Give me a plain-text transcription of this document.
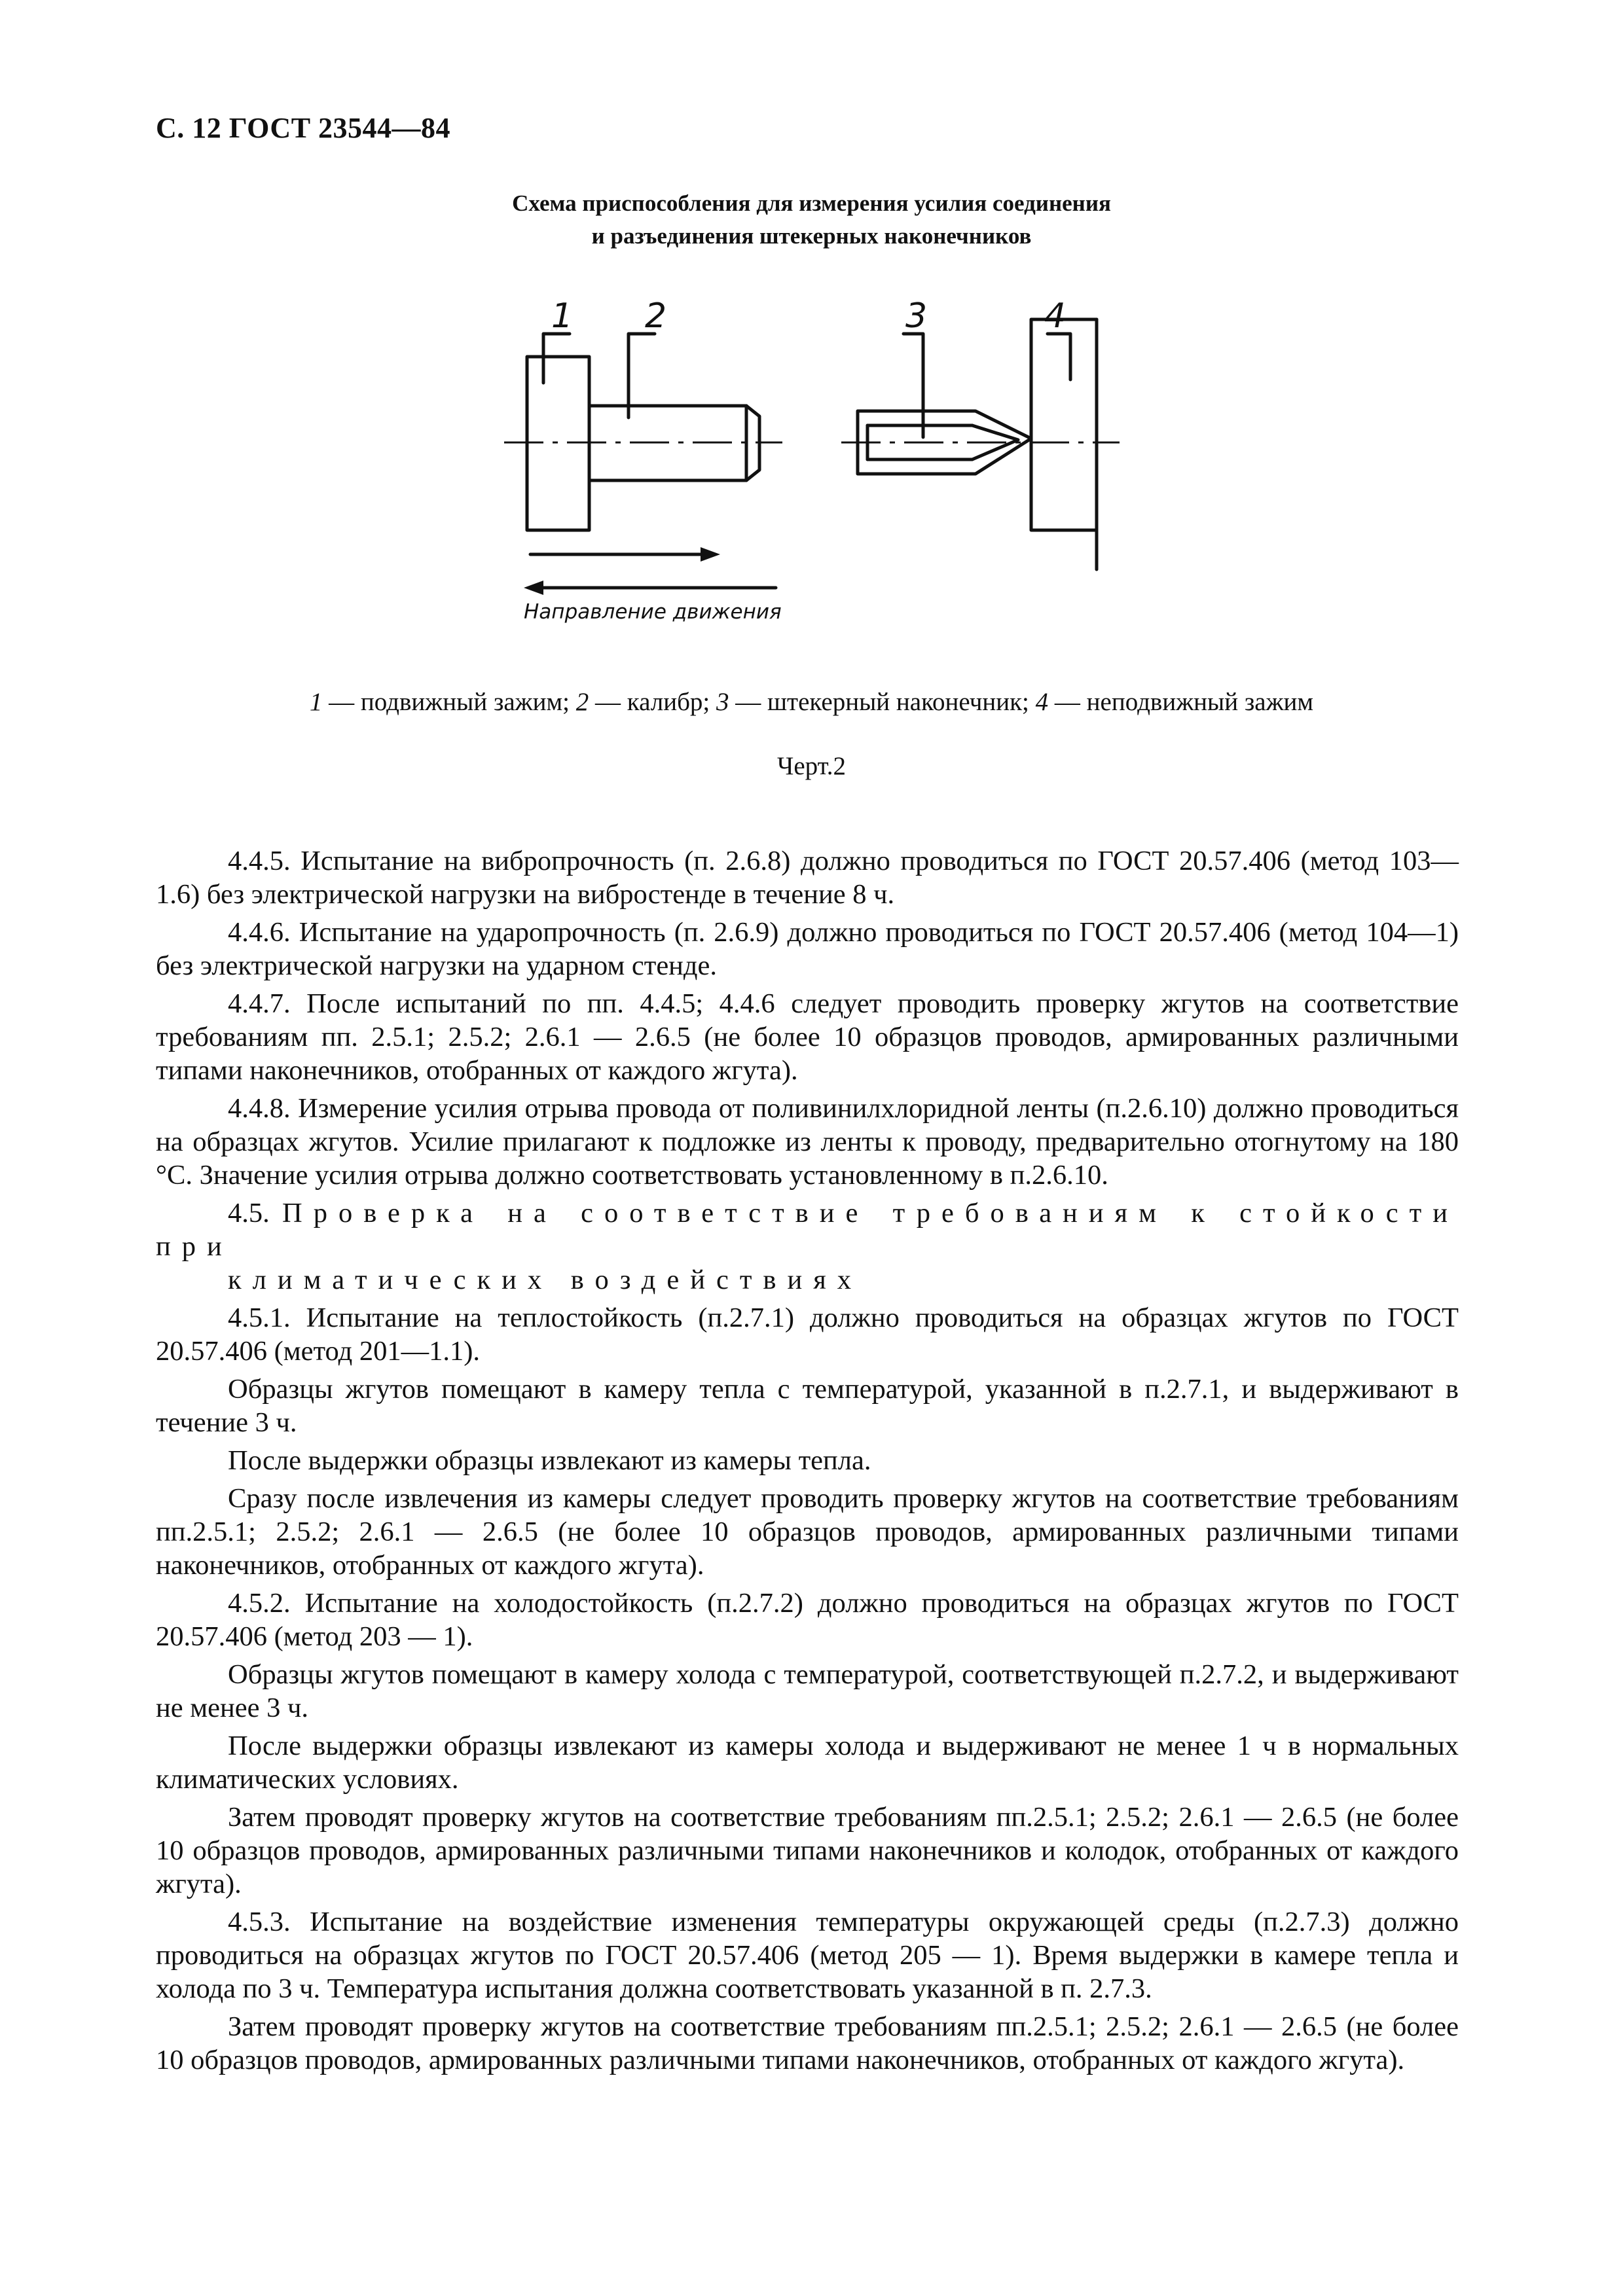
С. 12 ГОСТ 23544—84
Схема приспособления для измерения усилия соединения
и разъединения штекерных наконечников
1 2	3	4
Направление движения
1 — подвижный зажим; 2 — калибр; 3 — штекерный наконечник; 4 — неподвижный зажим
Черт.2

4.4.5. Испытание на вибропрочность (п. 2.6.8) должно проводиться по ГОСТ 20.57.406 (метод 103—1.6) без электрической нагрузки на вибростенде в течение 8 ч.

4.4.6. Испытание на ударопрочность (п. 2.6.9) должно проводиться по ГОСТ 20.57.406 (метод 104—1) без электрической нагрузки на ударном стенде.

4.4.7. После испытаний по пп. 4.4.5; 4.4.6 следует проводить проверку жгутов на соответствие требованиям пп. 2.5.1; 2.5.2; 2.6.1 — 2.6.5 (не более 10 образцов проводов, армированных различными типами наконечников, отобранных от каждого жгута).

4.4.8. Измерение усилия отрыва провода от поливинилхлоридной ленты (п.2.6.10) должно проводиться на образцах жгутов. Усилие прилагают к подложке из ленты к проводу, предварительно отогнутому на 180 °С. Значение усилия отрыва должно соответствовать установленному в п.2.6.10.

4.5. Проверка на соответствие требованиям к стойкости при

климатических воздействиях

4.5.1. Испытание на теплостойкость (п.2.7.1) должно проводиться на образцах жгутов по ГОСТ 20.57.406 (метод 201—1.1).

Образцы жгутов помещают в камеру тепла с температурой, указанной в п.2.7.1, и выдерживают в течение 3 ч.

После выдержки образцы извлекают из камеры тепла.

Сразу после извлечения из камеры следует проводить проверку жгутов на соответствие требованиям пп.2.5.1; 2.5.2; 2.6.1 — 2.6.5 (не более 10 образцов проводов, армированных различными типами наконечников, отобранных от каждого жгута).

4.5.2. Испытание на холодостойкость (п.2.7.2) должно проводиться на образцах жгутов по ГОСТ 20.57.406 (метод 203 — 1).

Образцы жгутов помещают в камеру холода с температурой, соответствующей п.2.7.2, и выдерживают не менее 3 ч.

После выдержки образцы извлекают из камеры холода и выдерживают не менее 1 ч в нормальных климатических условиях.

Затем проводят проверку жгутов на соответствие требованиям пп.2.5.1; 2.5.2; 2.6.1 — 2.6.5 (не более 10 образцов проводов, армированных различными типами наконечников и колодок, отобранных от каждого жгута).

4.5.3. Испытание на воздействие изменения температуры окружающей среды (п.2.7.3) должно проводиться на образцах жгутов по ГОСТ 20.57.406 (метод 205 — 1). Время выдержки в камере тепла и холода по 3 ч. Температура испытания должна соответствовать указанной в п. 2.7.3.

Затем проводят проверку жгутов на соответствие требованиям пп.2.5.1; 2.5.2; 2.6.1 — 2.6.5 (не более 10 образцов проводов, армированных различными типами наконечников, отобранных от каждого жгута).
